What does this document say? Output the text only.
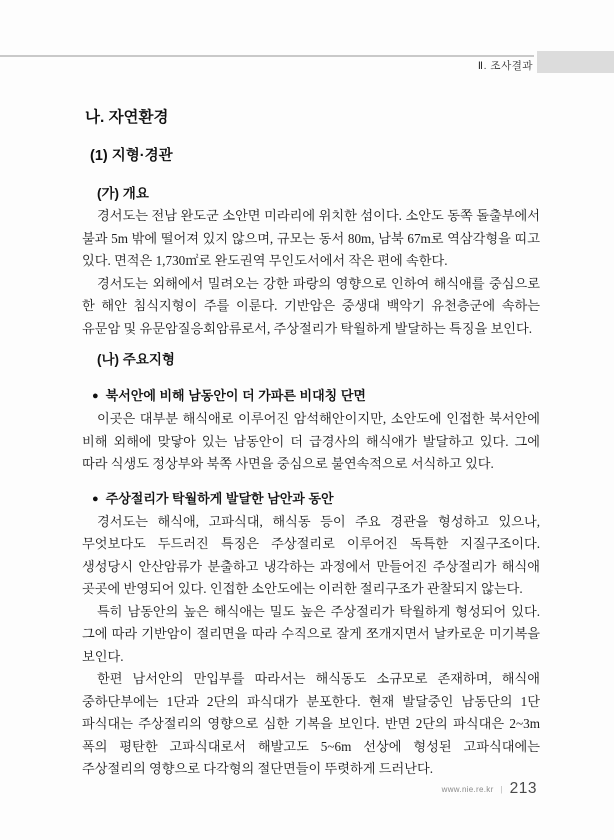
Ⅱ. 조사결과
나. 자연환경
(1) 지형·경관
(가) 개요

경서도는 전남 완도군 소안면 미라리에 위치한 섬이다. 소안도 동쪽 돌출부에서 불과 5m 밖에 떨어져 있지 않으며, 규모는 동서 80m, 남북 67m로 역삼각형을 띠고 있다. 면적은 1,730㎡로 완도권역 무인도서에서 작은 편에 속한다.

경서도는 외해에서 밀려오는 강한 파랑의 영향으로 인하여 해식애를 중심으로 한 해안 침식지형이 주를 이룬다. 기반암은 중생대 백악기 유천층군에 속하는 유문암 및 유문암질응회암류로서, 주상절리가 탁월하게 발달하는 특징을 보인다.

(나) 주요지형
● 북서안에 비해 남동안이 더 가파른 비대칭 단면

이곳은 대부분 해식애로 이루어진 암석해안이지만, 소안도에 인접한 북서안에 비해 외해에 맞닿아 있는 남동안이 더 급경사의 해식애가 발달하고 있다. 그에 따라 식생도 정상부와 북쪽 사면을 중심으로 불연속적으로 서식하고 있다.

● 주상절리가 탁월하게 발달한 남안과 동안

경서도는 해식애, 고파식대, 해식동 등이 주요 경관을 형성하고 있으나, 무엇보다도 두드러진 특징은 주상절리로 이루어진 독특한 지질구조이다. 생성당시 안산암류가 분출하고 냉각하는 과정에서 만들어진 주상절리가 해식애 곳곳에 반영되어 있다. 인접한 소안도에는 이러한 절리구조가 관찰되지 않는다.

특히 남동안의 높은 해식애는 밀도 높은 주상절리가 탁월하게 형성되어 있다. 그에 따라 기반암이 절리면을 따라 수직으로 잘게 쪼개지면서 날카로운 미기복을 보인다.

한편 남서안의 만입부를 따라서는 해식동도 소규모로 존재하며, 해식애 중하단부에는 1단과 2단의 파식대가 분포한다. 현재 발달중인 남동단의 1단 파식대는 주상절리의 영향으로 심한 기복을 보인다. 반면 2단의 파식대은 2~3m 폭의 평탄한 고파식대로서 해발고도 5~6m 선상에 형성된 고파식대에는 주상절리의 영향으로 다각형의 절단면들이 뚜렷하게 드러난다.

www.nie.re.kr | 213
